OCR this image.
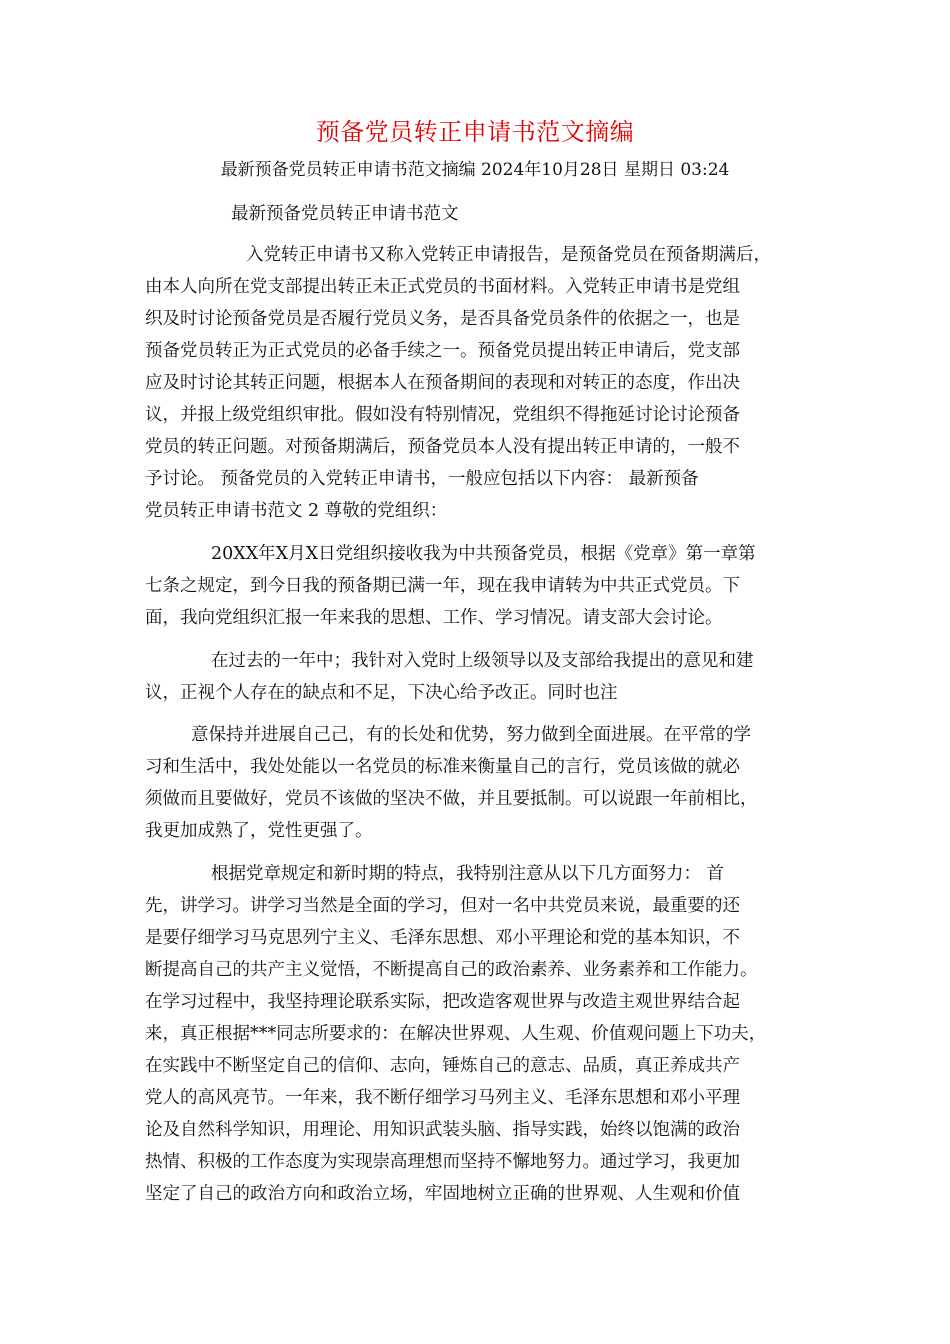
预备党员转正申请书范文摘编
最新预备党员转正申请书范文摘编 2024年10月28日 星期日 03:24
最新预备党员转正申请书范文
入党转正申请书又称入党转正申请报告，是预备党员在预备期满后，
由本人向所在党支部提出转正未正式党员的书面材料。入党转正申请书是党组
织及时讨论预备党员是否履行党员义务，是否具备党员条件的依据之一，也是
预备党员转正为正式党员的必备手续之一。预备党员提出转正申请后，党支部
应及时讨论其转正问题，根据本人在预备期间的表现和对转正的态度，作出决
议，并报上级党组织审批。假如没有特别情况，党组织不得拖延讨论讨论预备
党员的转正问题。对预备期满后，预备党员本人没有提出转正申请的，一般不
予讨论。 预备党员的入党转正申请书，一般应包括以下内容： 最新预备
党员转正申请书范文 2 尊敬的党组织：
20XX年X月X日党组织接收我为中共预备党员，根据《党章》第一章第
七条之规定，到今日我的预备期已满一年，现在我申请转为中共正式党员。下
面，我向党组织汇报一年来我的思想、工作、学习情况。请支部大会讨论。
在过去的一年中；我针对入党时上级领导以及支部给我提出的意见和建
议，正视个人存在的缺点和不足，下决心给予改正。同时也注
意保持并进展自己己，有的长处和优势，努力做到全面进展。在平常的学
习和生活中，我处处能以一名党员的标准来衡量自己的言行，党员该做的就必
须做而且要做好，党员不该做的坚决不做，并且要抵制。可以说跟一年前相比，
我更加成熟了，党性更强了。
根据党章规定和新时期的特点，我特别注意从以下几方面努力： 首
先，讲学习。讲学习当然是全面的学习，但对一名中共党员来说，最重要的还
是要仔细学习马克思列宁主义、毛泽东思想、邓小平理论和党的基本知识，不
断提高自己的共产主义觉悟，不断提高自己的政治素养、业务素养和工作能力。
在学习过程中，我坚持理论联系实际，把改造客观世界与改造主观世界结合起
来，真正根据***同志所要求的：在解决世界观、人生观、价值观问题上下功夫，
在实践中不断坚定自己的信仰、志向，锤炼自己的意志、品质，真正养成共产
党人的高风亮节。一年来，我不断仔细学习马列主义、毛泽东思想和邓小平理
论及自然科学知识，用理论、用知识武装头脑、指导实践，始终以饱满的政治
热情、积极的工作态度为实现崇高理想而坚持不懈地努力。通过学习，我更加
坚定了自己的政治方向和政治立场，牢固地树立正确的世界观、人生观和价值
